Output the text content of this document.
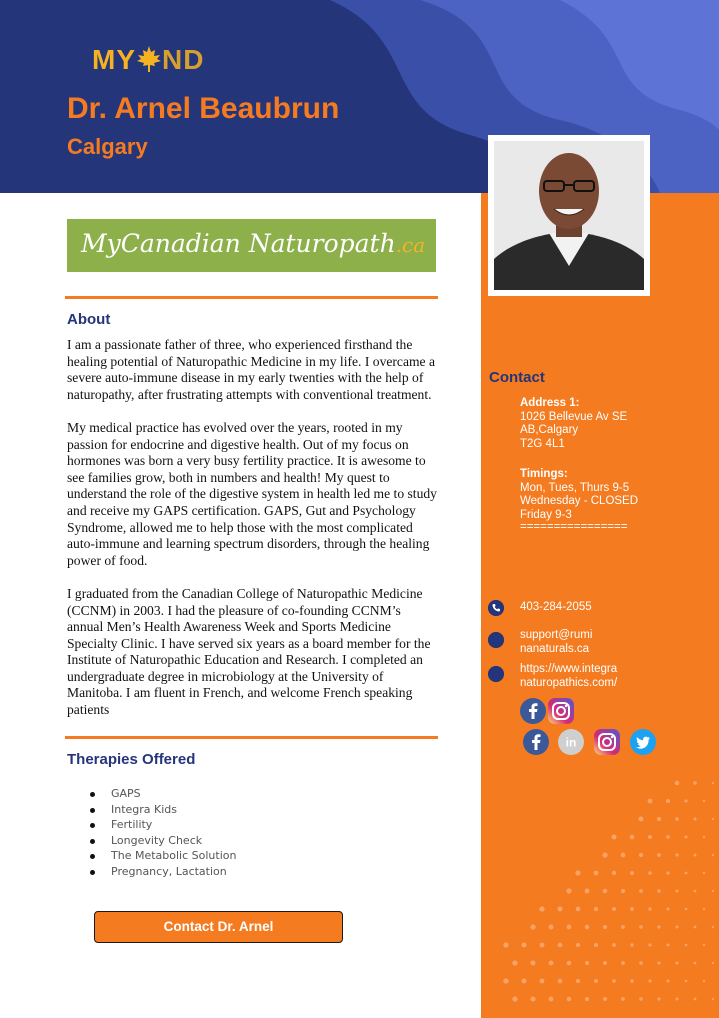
MY ND
Dr. Arnel Beaubrun
Calgary
MyCanadian Naturopath.ca
About

I am a passionate father of three, who experienced firsthand the healing potential of Naturopathic Medicine in my life. I overcame a severe auto-immune disease in my early twenties with the help of naturopathy, after frustrating attempts with conventional treatment.

My medical practice has evolved over the years, rooted in my passion for endocrine and digestive health. Out of my focus on hormones was born a very busy fertility practice. It is awesome to see families grow, both in numbers and health! My quest to understand the role of the digestive system in health led me to study and receive my GAPS certification. GAPS, Gut and Psychology Syndrome, allowed me to help those with the most complicated auto-immune and learning spectrum disorders, through the healing power of food.

I graduated from the Canadian College of Naturopathic Medicine (CCNM) in 2003. I had the pleasure of co-founding CCNM’s annual Men’s Health Awareness Week and Sports Medicine Specialty Clinic. I have served six years as a board member for the Institute of Naturopathic Education and Research. I completed an undergraduate degree in microbiology at the University of Manitoba. I am fluent in French, and welcome French speaking patients

Therapies Offered
GAPS
Integra Kids
Fertility
Longevity Check
The Metabolic Solution
Pregnancy, Lactation
Contact Dr. Arnel
Contact
Address 1:
1026 Bellevue Av SE
AB,Calgary
T2G 4L1
Timings:
Mon, Tues, Thurs 9-5
Wednesday - CLOSED
Friday 9-3
================
403-284-2055
support@rumi
nanaturals.ca
https://www.integra
naturopathics.com/
in
